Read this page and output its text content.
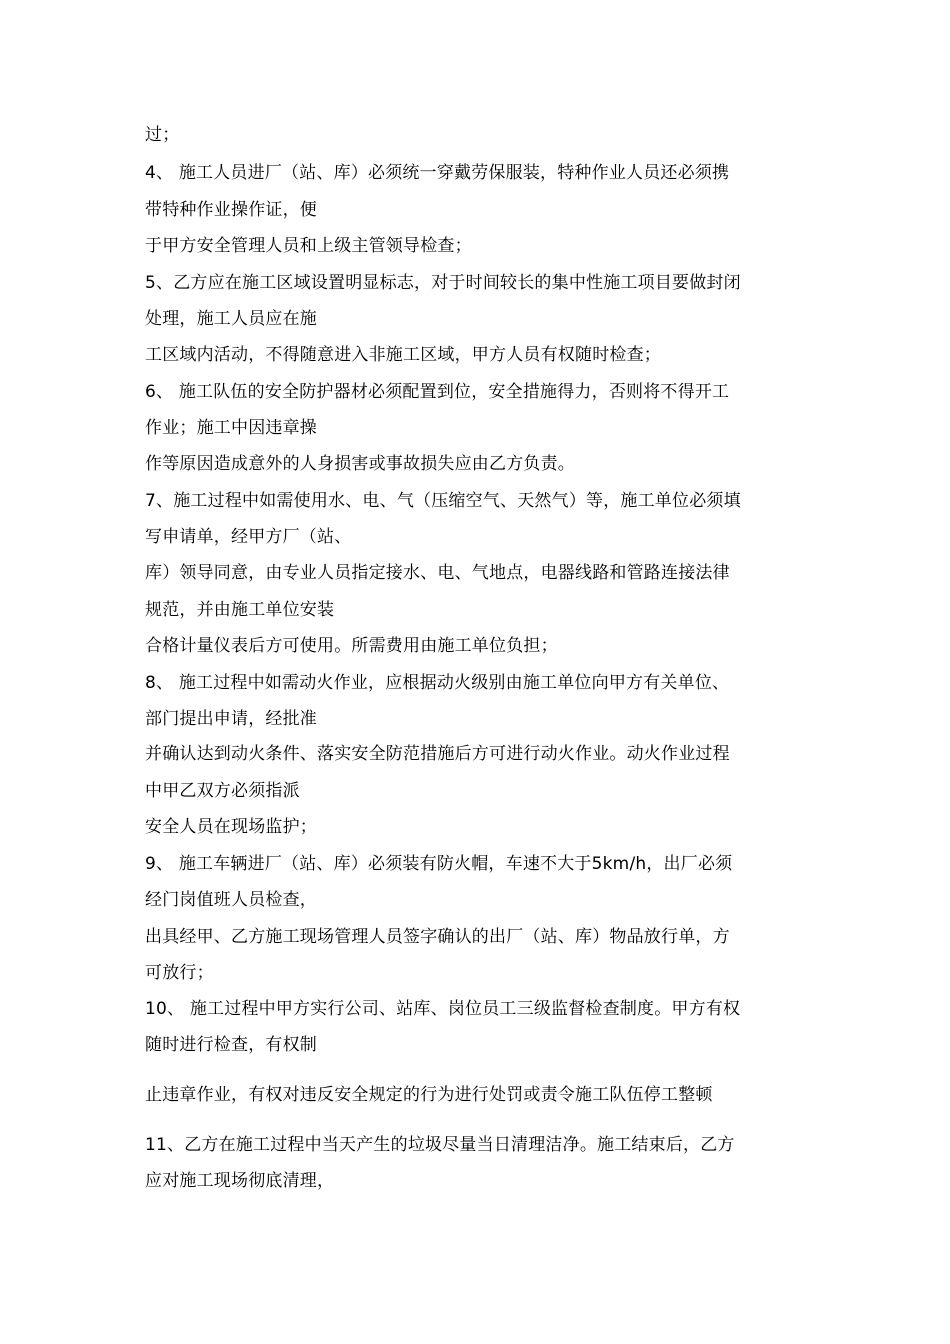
过；
4、 施工人员进厂（站、库）必须统一穿戴劳保服装，特种作业人员还必须携
带特种作业操作证，便
于甲方安全管理人员和上级主管领导检查；
5、乙方应在施工区域设置明显标志，对于时间较长的集中性施工项目要做封闭
处理，施工人员应在施
工区域内活动，不得随意进入非施工区域，甲方人员有权随时检查；
6、 施工队伍的安全防护器材必须配置到位，安全措施得力，否则将不得开工
作业；施工中因违章操
作等原因造成意外的人身损害或事故损失应由乙方负责。
7、施工过程中如需使用水、电、气（压缩空气、天然气）等，施工单位必须填
写申请单，经甲方厂（站、
库）领导同意，由专业人员指定接水、电、气地点，电器线路和管路连接法律
规范，并由施工单位安装
合格计量仪表后方可使用。所需费用由施工单位负担；
8、 施工过程中如需动火作业，应根据动火级别由施工单位向甲方有关单位、
部门提出申请，经批准
并确认达到动火条件、落实安全防范措施后方可进行动火作业。动火作业过程
中甲乙双方必须指派
安全人员在现场监护；
9、 施工车辆进厂（站、库）必须装有防火帽，车速不大于5km/h，出厂必须
经门岗值班人员检查，
出具经甲、乙方施工现场管理人员签字确认的出厂（站、库）物品放行单，方
可放行；
10、 施工过程中甲方实行公司、站库、岗位员工三级监督检查制度。甲方有权
随时进行检查，有权制
止违章作业，有权对违反安全规定的行为进行处罚或责令施工队伍停工整顿
11、乙方在施工过程中当天产生的垃圾尽量当日清理洁净。施工结束后，乙方
应对施工现场彻底清理，
